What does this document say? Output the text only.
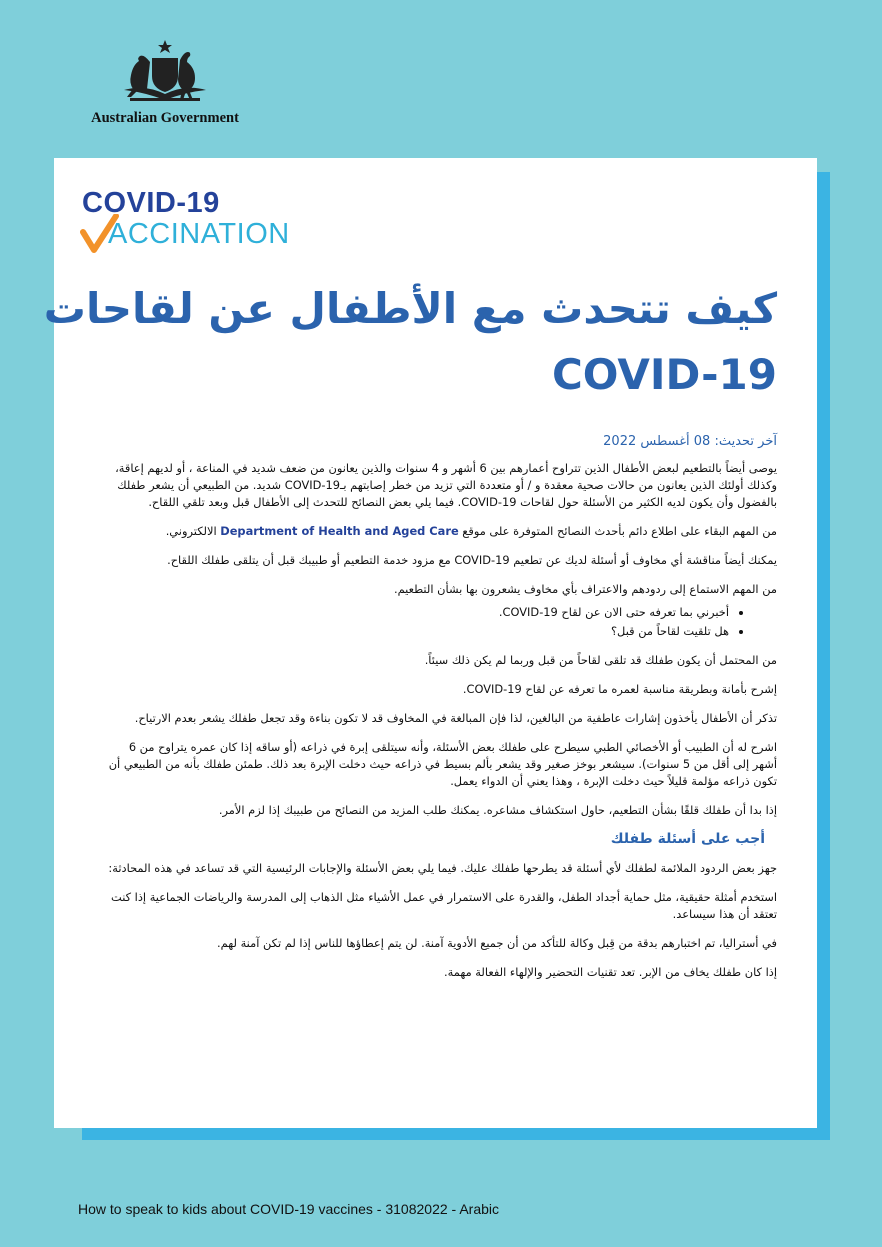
Australian Government
COVID-19
ACCINATION
كيف تتحدث مع الأطفال عن لقاحات
COVID-19
آخر تحديث: 08 أغسطس 2022

يوصى أيضاً بالتطعيم لبعض الأطفال الذين تتراوح أعمارهم بين 6 أشهر و 4 سنوات والذين يعانون من ضعف شديد في المناعة ، أو لديهم إعاقة، وكذلك أولئك الذين يعانون من حالات صحية معقدة و / أو متعددة التي تزيد من خطر إصابتهم بـCOVID-19 شديد. من الطبيعي أن يشعر طفلك بالفضول وأن يكون لديه الكثير من الأسئلة حول لقاحات COVID-19. فيما يلي بعض النصائح للتحدث إلى الأطفال قبل وبعد تلقي اللقاح.

من المهم البقاء على اطلاع دائم بأحدث النصائح المتوفرة على موقع Department of Health and Aged Care الالكتروني.

يمكنك أيضاً مناقشة أي مخاوف أو أسئلة لديك عن تطعيم COVID-19 مع مزود خدمة التطعيم أو طبيبك قبل أن يتلقى طفلك اللقاح.

من المهم الاستماع إلى ردودهم والاعتراف بأي مخاوف يشعرون بها بشأن التطعيم.

• أخبرني بما تعرفه حتى الان عن لقاح COVID-19.
• هل تلقيت لقاحاً من قبل؟

من المحتمل أن يكون طفلك قد تلقى لقاحاً من قبل وربما لم يكن ذلك سيئاً.

إشرح بأمانة وبطريقة مناسبة لعمره ما تعرفه عن لقاح COVID-19.

تذكر أن الأطفال يأخذون إشارات عاطفية من البالغين، لذا فإن المبالغة في المخاوف قد لا تكون بناءة وقد تجعل طفلك يشعر بعدم الارتياح.

اشرح له أن الطبيب أو الأخصائي الطبي سيطرح على طفلك بعض الأسئلة، وأنه سيتلقى إبرة في ذراعه (أو ساقه إذا كان عمره يتراوح من 6 أشهر إلى أقل من 5 سنوات). سيشعر بوخز صغير وقد يشعر بألم بسيط في ذراعه حيث دخلت الإبرة بعد ذلك. طمئن طفلك بأنه من الطبيعي أن تكون ذراعه مؤلمة قليلاً حيث دخلت الإبرة ، وهذا يعني أن الدواء يعمل.

إذا بدا أن طفلك قلقًا بشأن التطعيم، حاول استكشاف مشاعره. يمكنك طلب المزيد من النصائح من طبيبك إذا لزم الأمر.

أجب على أسئلة طفلك

جهز بعض الردود الملائمة لطفلك لأي أسئلة قد يطرحها طفلك عليك. فيما يلي بعض الأسئلة والإجابات الرئيسية التي قد تساعد في هذه المحادثة:

استخدم أمثلة حقيقية، مثل حماية أجداد الطفل، والقدرة على الاستمرار في عمل الأشياء مثل الذهاب إلى المدرسة والرياضات الجماعية إذا كنت تعتقد أن هذا سيساعد.

في أستراليا، تم اختبارهم بدقة من قِبل وكالة للتأكد من أن جميع الأدوية آمنة. لن يتم إعطاؤها للناس إذا لم تكن آمنة لهم.

إذا كان طفلك يخاف من الإبر. تعد تقنيات التحضير والإلهاء الفعالة مهمة.

How to speak to kids about COVID-19 vaccines - 31082022 - Arabic
